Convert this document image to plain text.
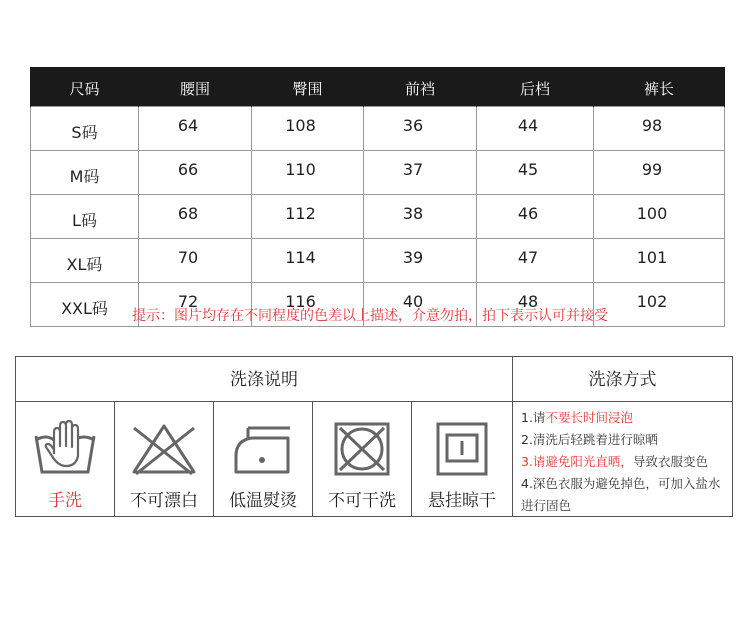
尺码	腰围	臀围	前裆	后档	裤长
S码	64	108	36	44	98
M码	66	110	37	45	99
L码	68	112	38	46	100
XL码	70	114	39	47	101
XXL码	72	116	40	48	102
提示：图片均存在不同程度的色差以上描述，介意勿拍，拍下表示认可并接受
洗涤说明	洗涤方式
手洗	不可漂白	低温熨烫	不可干洗	悬挂晾干
1.请不要长时间浸泡
2.清洗后轻跳着进行晾晒
3.请避免阳光直晒，导致衣服变色
4.深色衣服为避免掉色，可加入盐水进行固色
